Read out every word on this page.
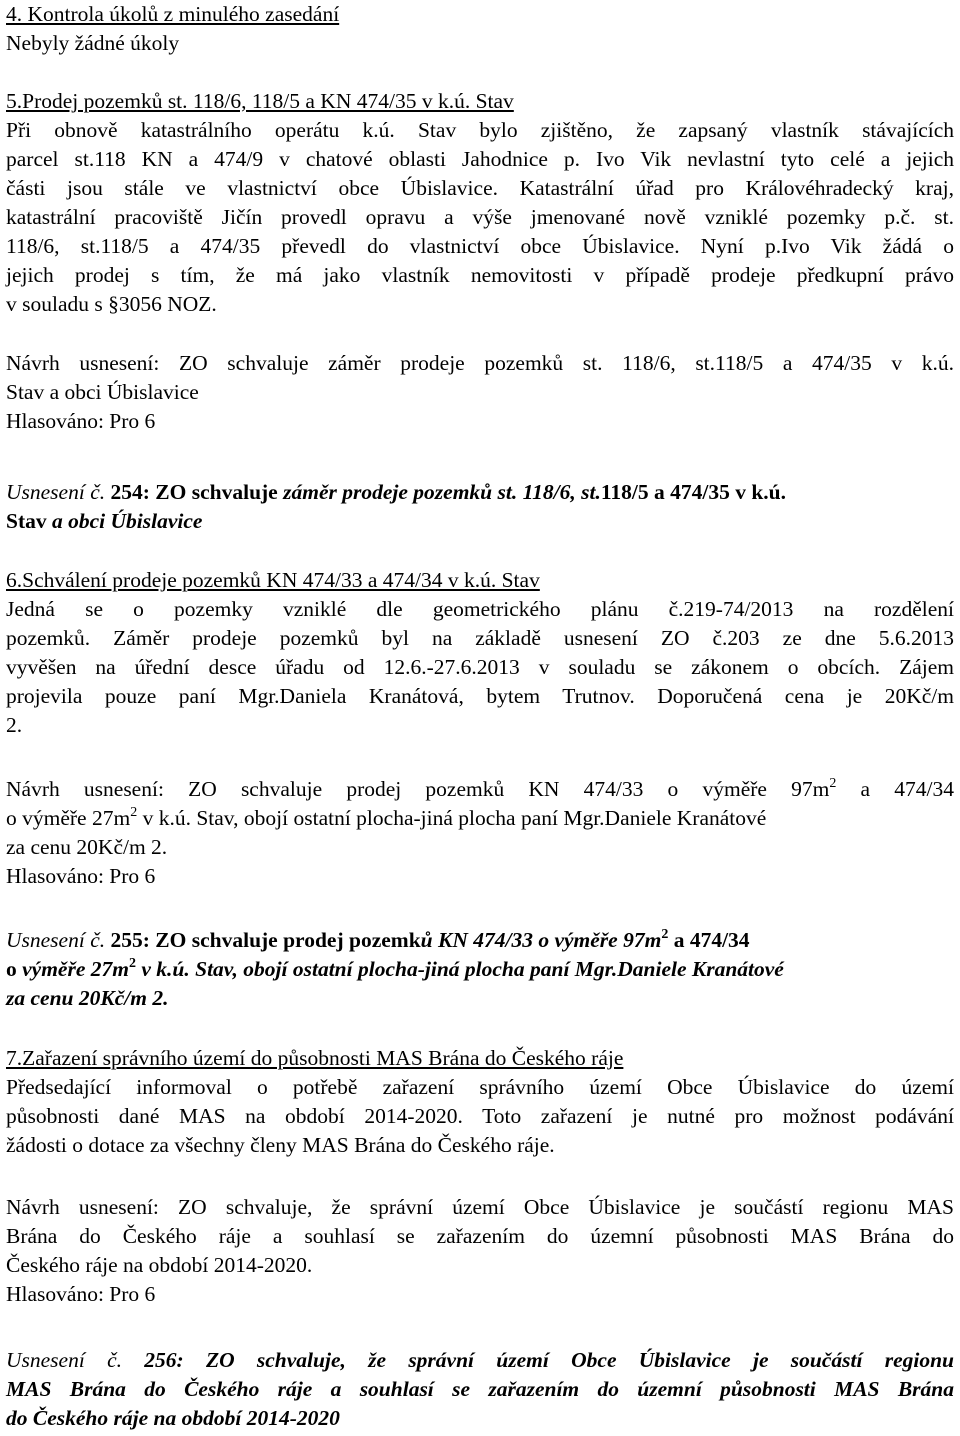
4. Kontrola úkolů z minulého zasedání
Nebyly žádné úkoly
5.Prodej pozemků st. 118/6, 118/5 a KN 474/35 v k.ú. Stav
Při obnově katastrálního operátu k.ú. Stav bylo zjištěno, že zapsaný vlastník stávajících
parcel st.118 KN a 474/9 v chatové oblasti Jahodnice p. Ivo Vik nevlastní tyto celé a jejich
části jsou stále ve vlastnictví obce Úbislavice. Katastrální úřad pro Královéhradecký kraj,
katastrální pracoviště Jičín provedl opravu a výše jmenované nově vzniklé pozemky p.č. st.
118/6, st.118/5 a 474/35 převedl do vlastnictví obce Úbislavice. Nyní p.Ivo Vik žádá o
jejich prodej s tím, že má jako vlastník nemovitosti v případě prodeje předkupní právo
v souladu s §3056 NOZ.
Návrh usnesení: ZO schvaluje záměr prodeje pozemků st. 118/6, st.118/5 a 474/35 v k.ú.
Stav a obci Úbislavice
Hlasováno: Pro 6
Usnesení č. 254: ZO schvaluje záměr prodeje pozemků st. 118/6, st.118/5 a 474/35 v k.ú.
Stav a obci Úbislavice
6.Schválení prodeje pozemků KN 474/33 a 474/34 v k.ú. Stav
Jedná se o pozemky vzniklé dle geometrického plánu č.219-74/2013 na rozdělení
pozemků. Záměr prodeje pozemků byl na základě usnesení ZO č.203 ze dne 5.6.2013
vyvěšen na úřední desce úřadu od 12.6.-27.6.2013 v souladu se zákonem o obcích. Zájem
projevila pouze paní Mgr.Daniela Kranátová, bytem Trutnov. Doporučená cena je 20Kč/m
2.
Návrh usnesení: ZO schvaluje prodej pozemků KN 474/33 o výměře $97m^2$ a 474/34
o výměře $27m^2$ v k.ú. Stav, obojí ostatní plocha-jiná plocha paní Mgr.Daniele Kranátové
za cenu 20Kč/m 2.
Hlasováno: Pro 6
Usnesení č. 255: ZO schvaluje prodej pozemků KN 474/33 o výměře $97m^2$ a 474/34
o výměře $27m^2$ v k.ú. Stav, obojí ostatní plocha-jiná plocha paní Mgr.Daniele Kranátové
za cenu 20Kč/m 2.
7.Zařazení správního území do působnosti MAS Brána do Českého ráje
Předsedající informoval o potřebě zařazení správního území Obce Úbislavice do území
působnosti dané MAS na období 2014-2020. Toto zařazení je nutné pro možnost podávání
žádosti o dotace za všechny členy MAS Brána do Českého ráje.
Návrh usnesení: ZO schvaluje, že správní území Obce Úbislavice je součástí regionu MAS
Brána do Českého ráje a souhlasí se zařazením do územní působnosti MAS Brána do
Českého ráje na období 2014-2020.
Hlasováno: Pro 6
Usnesení č. 256: ZO schvaluje, že správní území Obce Úbislavice je součástí regionu
MAS Brána do Českého ráje a souhlasí se zařazením do územní působnosti MAS Brána
do Českého ráje na období 2014-2020
